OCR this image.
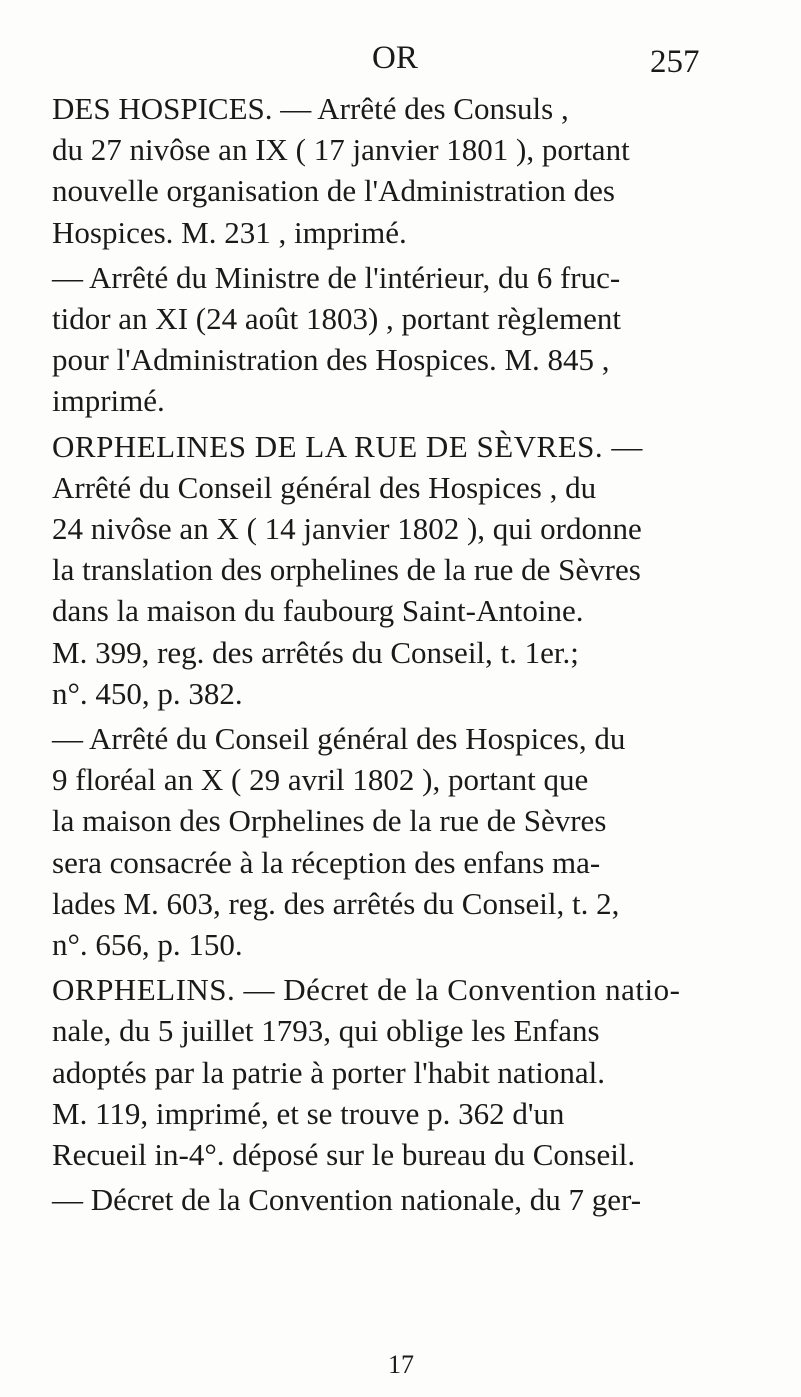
OR	257

DES HOSPICES. — Arrêté des Consuls ,
du 27 nivôse an IX ( 17 janvier 1801 ), portant
nouvelle organisation de l'Administration des
Hospices. M. 231 , imprimé.

— Arrêté du Ministre de l'intérieur, du 6 fruc-
tidor an XI (24 août 1803) , portant règlement
pour l'Administration des Hospices. M. 845 ,
imprimé.

ORPHELINES DE LA RUE DE SÈVRES. —
Arrêté du Conseil général des Hospices , du
24 nivôse an X ( 14 janvier 1802 ), qui ordonne
la translation des orphelines de la rue de Sèvres
dans la maison du faubourg Saint-Antoine.
M. 399, reg. des arrêtés du Conseil, t. 1er.;
n°. 450, p. 382.

— Arrêté du Conseil général des Hospices, du
9 floréal an X ( 29 avril 1802 ), portant que
la maison des Orphelines de la rue de Sèvres
sera consacrée à la réception des enfans ma-
lades M. 603, reg. des arrêtés du Conseil, t. 2,
n°. 656, p. 150.

ORPHELINS. — Décret de la Convention natio-
nale, du 5 juillet 1793, qui oblige les Enfans
adoptés par la patrie à porter l'habit national.
M. 119, imprimé, et se trouve p. 362 d'un
Recueil in-4°. déposé sur le bureau du Conseil.

— Décret de la Convention nationale, du 7 ger-

17
